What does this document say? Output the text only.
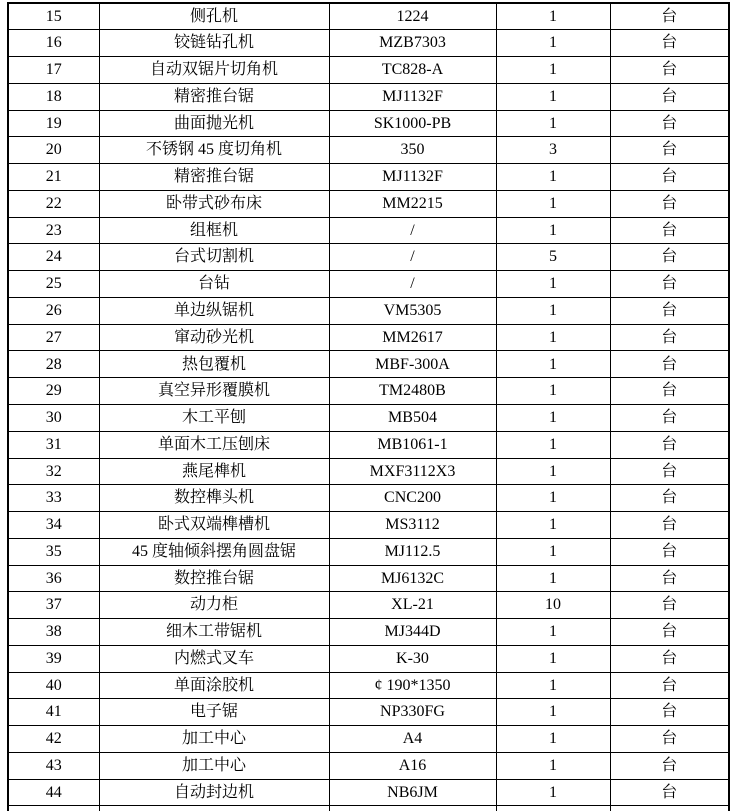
15	侧孔机	1224	1	台
16	铰链钻孔机	MZB7303	1	台
17	自动双锯片切角机	TC828-A	1	台
18	精密推台锯	MJ1132F	1	台
19	曲面抛光机	SK1000-PB	1	台
20	不锈钢 45 度切角机	350	3	台
21	精密推台锯	MJ1132F	1	台
22	卧带式砂布床	MM2215	1	台
23	组框机	/	1	台
24	台式切割机	/	5	台
25	台钻	/	1	台
26	单边纵锯机	VM5305	1	台
27	窜动砂光机	MM2617	1	台
28	热包覆机	MBF-300A	1	台
29	真空异形覆膜机	TM2480B	1	台
30	木工平刨	MB504	1	台
31	单面木工压刨床	MB1061-1	1	台
32	燕尾榫机	MXF3112X3	1	台
33	数控榫头机	CNC200	1	台
34	卧式双端榫槽机	MS3112	1	台
35	45 度轴倾斜摆角圆盘锯	MJ112.5	1	台
36	数控推台锯	MJ6132C	1	台
37	动力柜	XL-21	10	台
38	细木工带锯机	MJ344D	1	台
39	内燃式叉车	K-30	1	台
40	单面涂胶机	¢ 190*1350	1	台
41	电子锯	NP330FG	1	台
42	加工中心	A4	1	台
43	加工中心	A16	1	台
44	自动封边机	NB6JM	1	台
